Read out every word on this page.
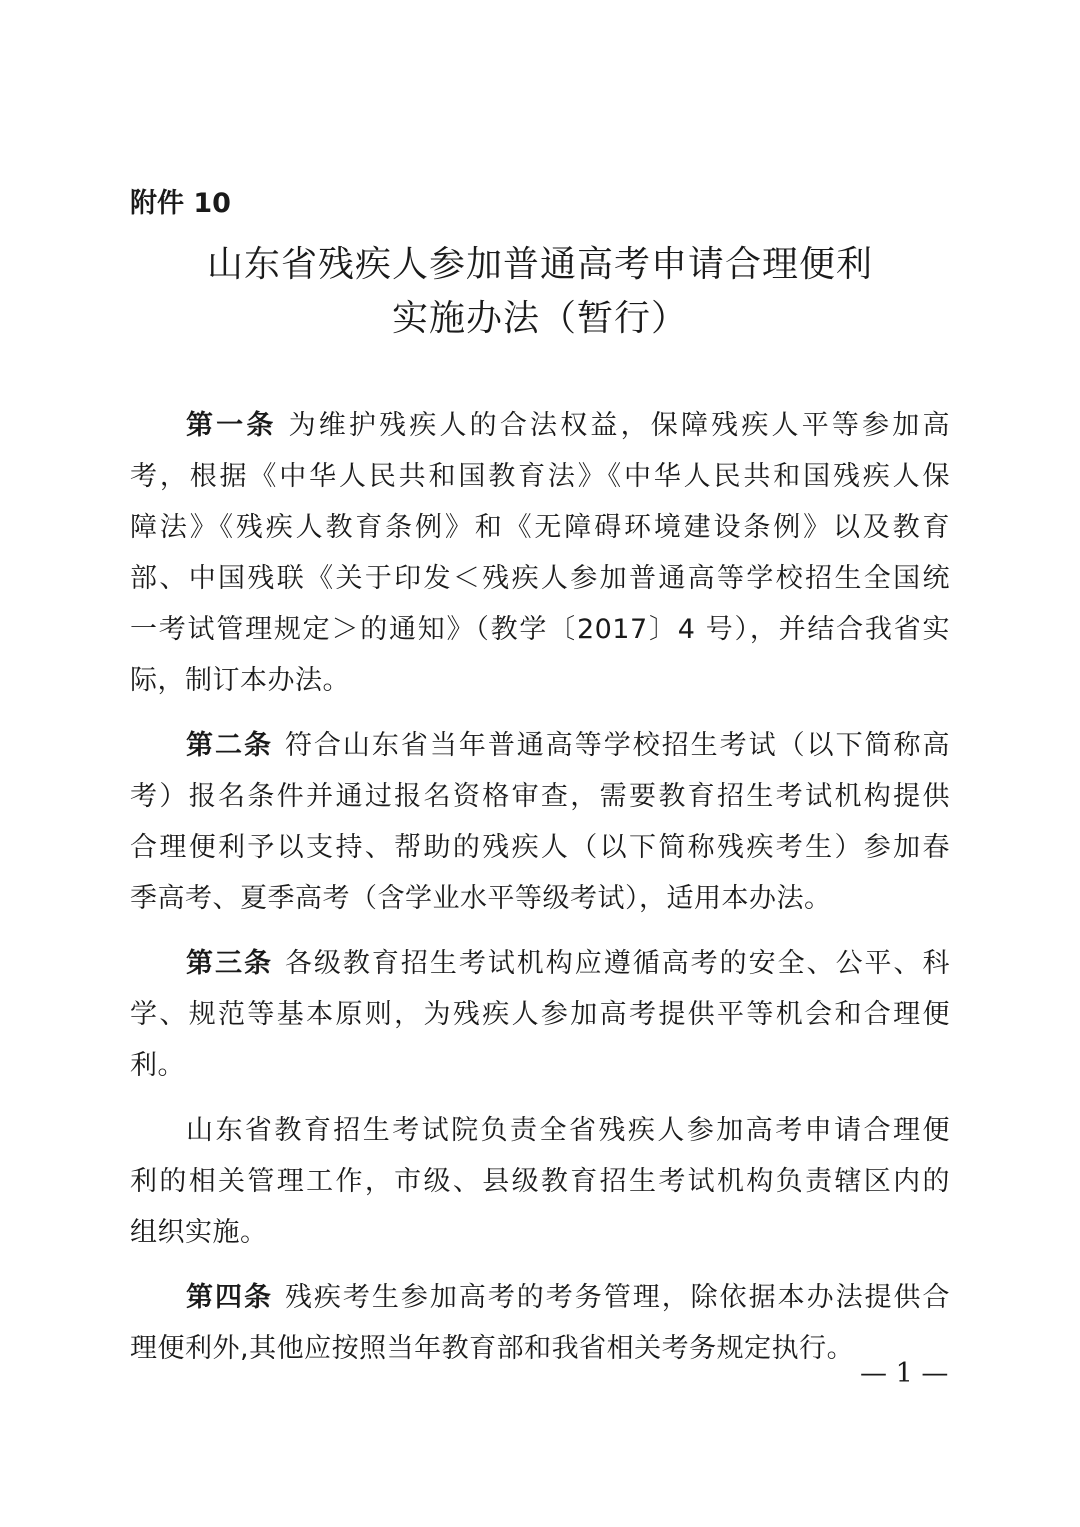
附件 10
山东省残疾人参加普通高考申请合理便利
实施办法（暂行）
第一条 为维护残疾人的合法权益，保障残疾人平等参加高
考，根据《中华人民共和国教育法》《中华人民共和国残疾人保
障法》《残疾人教育条例》和《无障碍环境建设条例》以及教育
部、中国残联《关于印发＜残疾人参加普通高等学校招生全国统
一考试管理规定＞的通知》（教学〔2017〕4 号），并结合我省实
际，制订本办法。
第二条 符合山东省当年普通高等学校招生考试（以下简称高
考）报名条件并通过报名资格审查，需要教育招生考试机构提供
合理便利予以支持、帮助的残疾人（以下简称残疾考生）参加春
季高考、夏季高考（含学业水平等级考试），适用本办法。
第三条 各级教育招生考试机构应遵循高考的安全、公平、科
学、规范等基本原则，为残疾人参加高考提供平等机会和合理便
利。
山东省教育招生考试院负责全省残疾人参加高考申请合理便
利的相关管理工作，市级、县级教育招生考试机构负责辖区内的
组织实施。
第四条 残疾考生参加高考的考务管理，除依据本办法提供合
理便利外,其他应按照当年教育部和我省相关考务规定执行。
— 1 —
